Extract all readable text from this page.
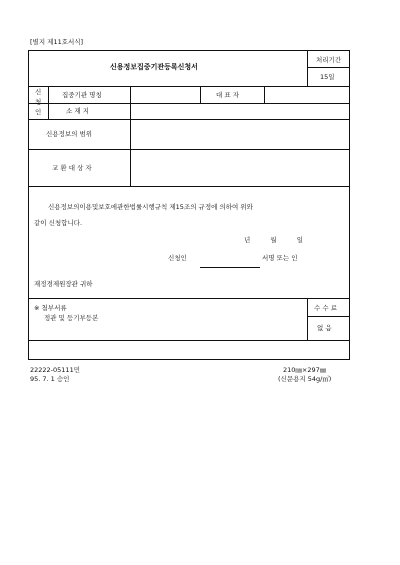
[별지 제11호서식]
신용정보집중기관등록신청서
처리기간
15일
신
청
인
집중기관 명칭	대 표 자
소 재 지
신용정보의 범위
교 환 대 상 자
신용정보의이용및보호에관한법률시행규칙 제15조의 규정에 의하여 위와
같이 신청합니다.
년 월 일
신청인	서명 또는 인
재정경제원장관 귀하
※ 첨부서류
정관 및 등기부등본
수 수 료
없 음
22222-05111민
95. 7. 1 승인
210㎜×297㎜
(신문용지 54g/㎡)
